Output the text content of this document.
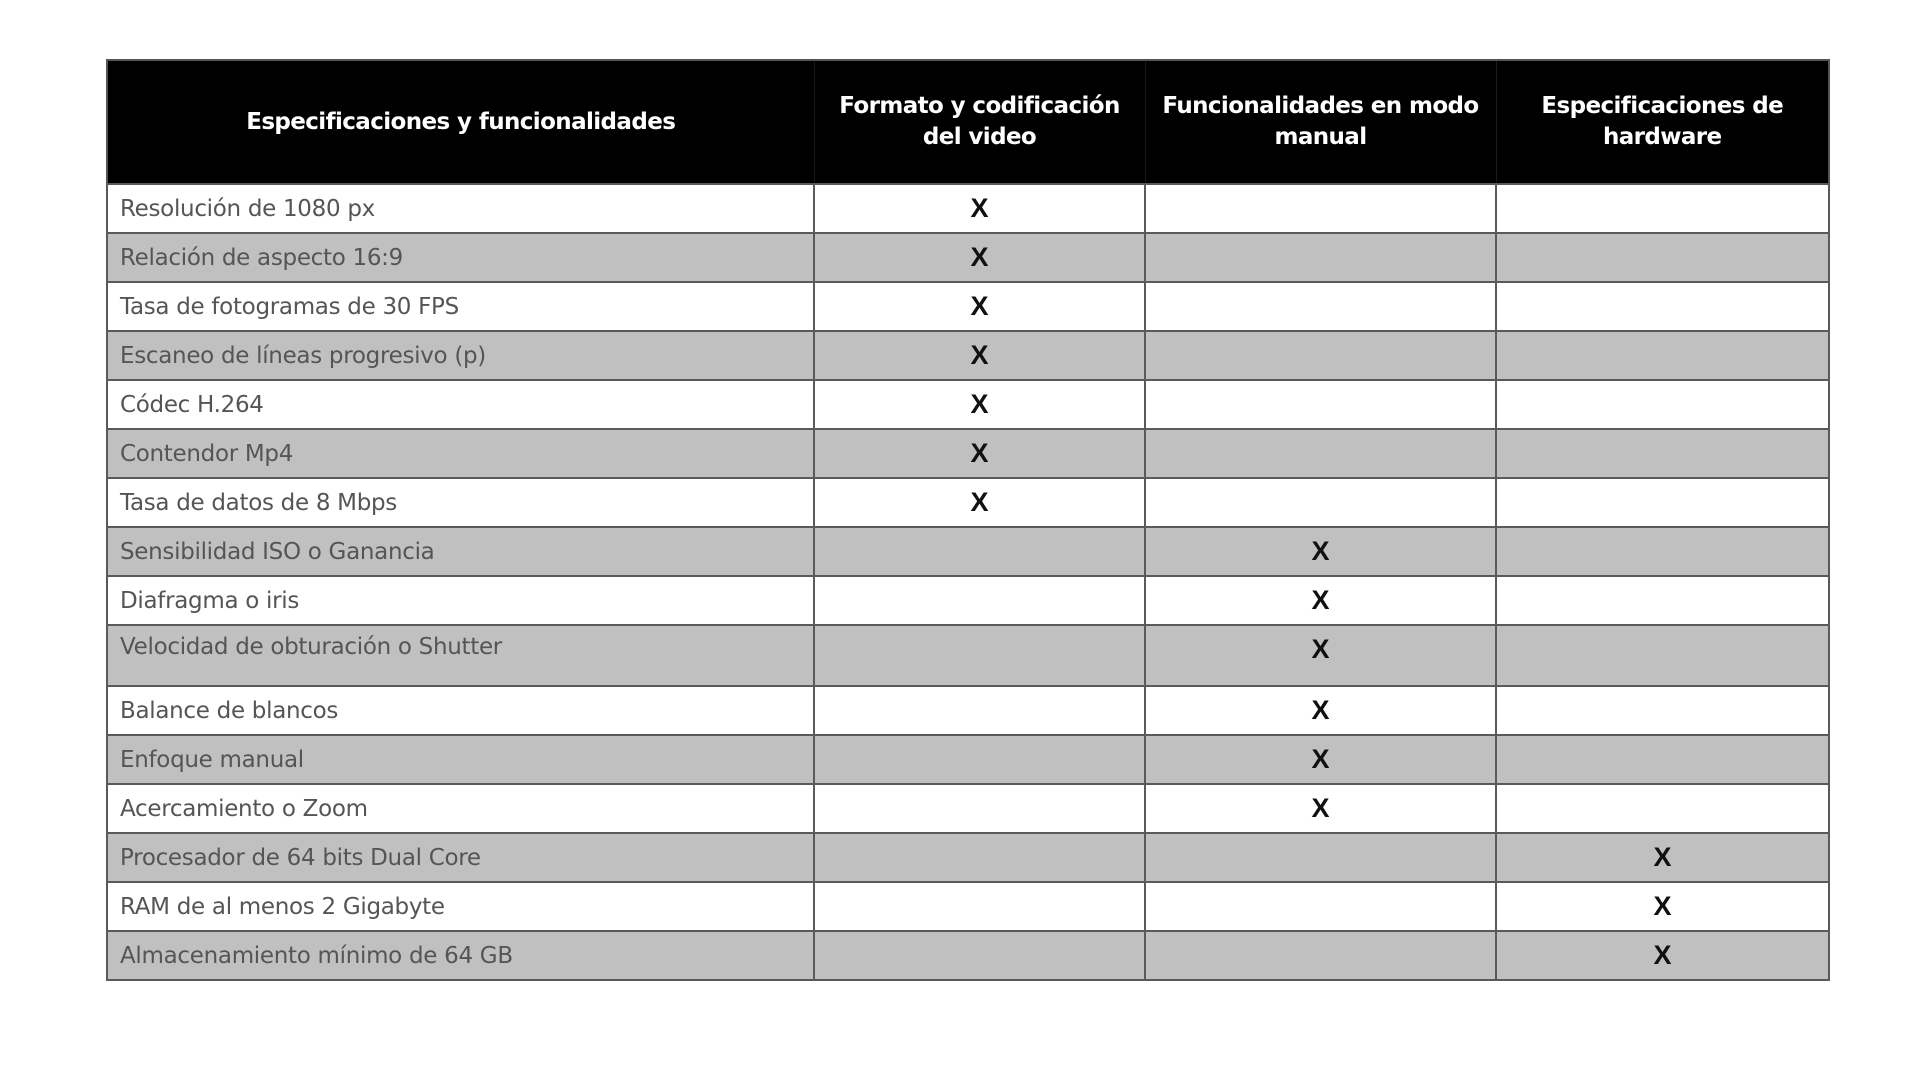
Especificaciones y funcionalidades	Formato y codificación del video	Funcionalidades en modo manual	Especificaciones de hardware

Resolución de 1080 px	X		

Relación de aspecto 16:9	X		

Tasa de fotogramas de 30 FPS	X		

Escaneo de líneas progresivo (p)	X		

Códec H.264	X		

Contendor Mp4	X		

Tasa de datos de 8 Mbps	X		

Sensibilidad ISO o Ganancia		X	

Diafragma o iris		X	

Velocidad de obturación o Shutter		X	

Balance de blancos		X	

Enfoque manual		X	

Acercamiento o Zoom		X	

Procesador de 64 bits Dual Core			X

RAM de al menos 2 Gigabyte			X

Almacenamiento mínimo de 64 GB			X
